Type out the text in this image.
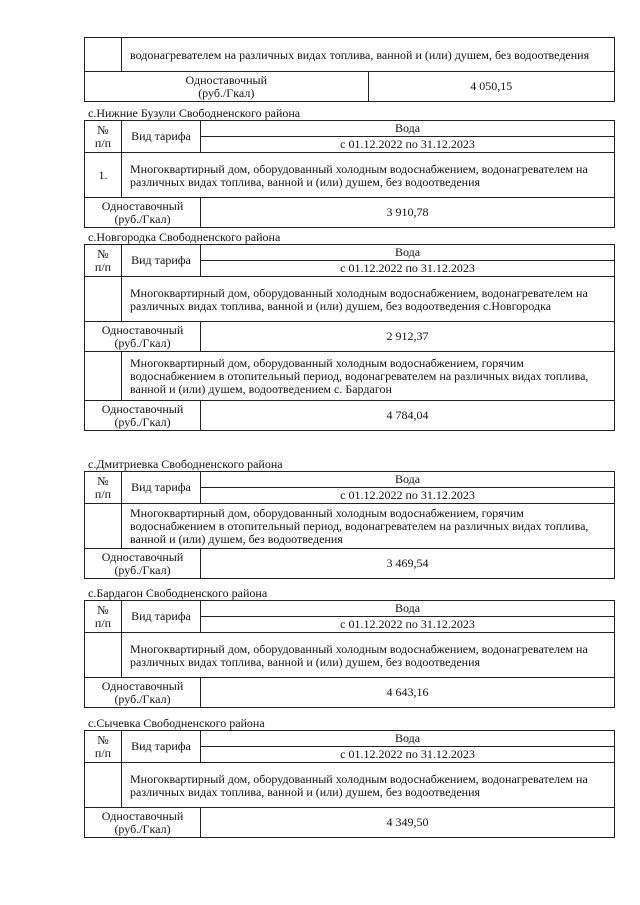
	водонагревателем на различных видах топлива, ванной и (или) душем, без водоотведения	
Одноставочный
(руб./Гкал)		4 050,15
с.Нижние Бузули Свободненского района
№
п/п	Вид тарифа	Вода
		с 01.12.2022 по 31.12.2023
1.	Многоквартирный дом, оборудованный холодным водоснабжением, водонагревателем на различных видах топлива, ванной и (или) душем, без водоотведения	
Одноставочный
(руб./Гкал)		3 910,78
с.Новгородка Свободненского района
№
п/п	Вид тарифа	Вода
		с 01.12.2022 по 31.12.2023
	Многоквартирный дом, оборудованный холодным водоснабжением, водонагревателем на различных видах топлива, ванной и (или) душем, без водоотведения с.Новгородка	
Одноставочный
(руб./Гкал)		2 912,37
	Многоквартирный дом, оборудованный холодным водоснабжением, горячим водоснабжением в отопительный период, водонагревателем на различных видах топлива, ванной и (или) душем, водоотведением с. Бардагон	
Одноставочный
(руб./Гкал)		4 784,04
с.Дмитриевка Свободненского района
№
п/п	Вид тарифа	Вода
		с 01.12.2022 по 31.12.2023
	Многоквартирный дом, оборудованный холодным водоснабжением, горячим водоснабжением в отопительный период, водонагревателем на различных видах топлива, ванной и (или) душем, без водоотведения	
Одноставочный
(руб./Гкал)		3 469,54
с.Бардагон Свободненского района
№
п/п	Вид тарифа	Вода
		с 01.12.2022 по 31.12.2023
	Многоквартирный дом, оборудованный холодным водоснабжением, водонагревателем на различных видах топлива, ванной и (или) душем, без водоотведения	
Одноставочный
(руб./Гкал)		4 643,16
с.Сычевка Свободненского района
№
п/п	Вид тарифа	Вода
		с 01.12.2022 по 31.12.2023
	Многоквартирный дом, оборудованный холодным водоснабжением, водонагревателем на различных видах топлива, ванной и (или) душем, без водоотведения	
Одноставочный
(руб./Гкал)		4 349,50
